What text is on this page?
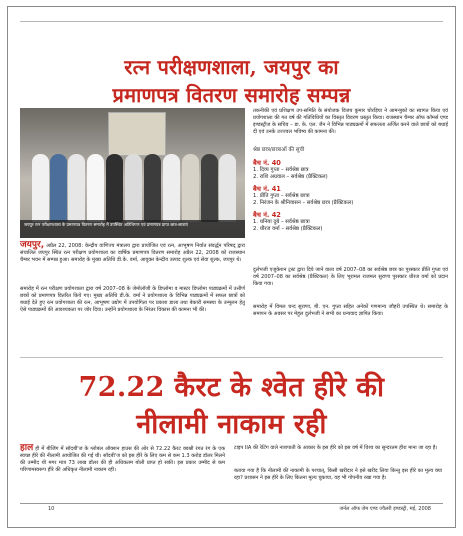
रत्न परीक्षणशाला, जयपुर का
प्रमाणपत्र वितरण समारोह सम्पन्न
जयपुर रत्न परीक्षणशाला के प्रमाणपत्र वितरण समारोह में उपस्थित अतिथिगण एवं प्रमाणपत्र प्राप्त छात्र-छात्राएं
जयपुर, अप्रैल 22, 2008: केन्द्रीय वाणिज्य मंत्रालय द्वारा प्रायोजित एवं रत्न, आभूषण निर्यात संवर्द्धन परिषद् द्वारा संचालित जयपुर स्थित रत्न परीक्षण प्रयोगशाला का वार्षिक प्रमाणपत्र वितरण समारोह अप्रैल 22, 2008 को राजस्थान चैम्बर भवन में सम्पन्न हुआ। समारोह के मुख्य अतिथि डी.के. वर्मा, आयुक्त केन्द्रीय उत्पाद शुल्क एवं सेवा शुल्क, जयपुर थे।
समारोह में रत्न परीक्षण प्रयोगशाला द्वारा वर्ष 2007–08 के जेमोलॉजी के डिप्लोमा व मास्टर डिप्लोमा पाठ्यक्रमों में उत्तीर्ण छात्रों को प्रमाणपत्र वितरित किये गए। मुख्य अतिथि डी.के. वर्मा ने प्रयोगशाला के विभिन्न पाठ्यक्रमों में सफल छात्रों को बधाई देते हुए रत्न प्रयोगशाला की रत्न, आभूषण उद्योग में उपयोगिता पर प्रकाश डाला तथा बेकारी समस्या के उन्मूलन हेतु ऐसे पाठ्यक्रमों की आवश्यकता पर जोर दिया। उन्होंने प्रयोगशाला के निरंतर विकास की कामना भी की।
तकनीकी एवं प्रशिक्षण उप-समिति के संयोजक विजय कुमार चोरड़िया ने आमन्त्रुको का स्वागत किया एवं प्रयोगशाला की गत वर्ष की गतिविधियों का विस्तृत विवरण प्रस्तुत किया। राजस्थान चैम्बर ऑफ कॉमर्स एण्ड इण्डस्ट्रीज के सचिव – डा. के. एल. जैन ने विभिन्न पाठ्यक्रमों में सफलता अर्जित करने वाले छात्रों को बधाई दी एवं उनके उज्ज्वल भविष्य की कामना की।
श्रेष्ठ छात्र/छात्राओं की सूची
बैच नं. 40
1. दिव्य गुप्ता – सर्वश्रेष्ठ छात्र
2. राशि अग्रवाल – सर्वश्रेष्ठ (प्रैक्टिकल)
बैच नं. 41
1. प्रीति गुप्ता – सर्वश्रेष्ठ छात्रा
2. निरंजन के श्रीनिवासन – सर्वश्रेष्ठ छात्र (प्रैक्टिकल)
बैच नं. 42
1. धनिया दुबे – सर्वश्रेष्ठ छात्रा
2. धीरज वर्मा – सर्वश्रेष्ठ (प्रैक्टिकल)
दुर्लभजी एजुकेशन ट्रस्ट द्वारा दिये जाने वाला वर्ष 2007–08 का सर्वश्रेष्ठ छात्र का पुरस्कार प्रीति गुप्ता एवं वर्ष 2007–08 का सर्वश्रेष्ठ (प्रैक्टिकल) के लिए भूरामल राजमल सुराणा पुरस्कार धीरज वर्मा को प्रदान किया गया।
समारोह में विमल चन्द सुराणा, बी. एन. गुप्ता सहित अनेकों गणमान्य जौहरी उपस्थित थे। समारोह के समापन के अवसर पर मेहुल दुर्लभजी ने सभी का धन्यवाद ज्ञापित किया।
72.22 कैरट के श्वेत हीरे की
नीलामी नाकाम रही
हाल ही में बीजिंग में सॉदबी'ज के ग्लोबल ऑक्शन हाउस की ओर से 72.22 कैरट क्वश्नी रंगत रंग के एक स्वच्छ हीरे की नीलामी आयोजित की गई थी। सॉदबी'ज को इस हीरे के लिए कम से कम 1.3 करोड़ डॉलर मिलने की उम्मीद थी मगर मात्र 73 लाख डॉलर की ही अधिकतम बोली प्राप्त हो सकी। इस प्रकार उम्मीद से कम परिणामस्वरूप हीरे की अधिकृत नीलामी नाकाम रही।
टाइप IIA की रेटिंग वाले नाशपाती के आकार के इस हीरे को इस वर्ष में विश्व का सुन्दरतम हीरा माना जा रहा है।
बताया गया है कि नीलामी की नाकामी के पश्चात्, किसी खरीदार ने इसे खरीद लिया किन्तु इस हीरे का मूल्य क्या रहा? प्रशासन ने इस हीरे के लिए कितना मूल्य चुकाया, यह भी गोपनीय रखा गया है।
10	जर्नल ऑफ जेम एण्ड ज्वैलरी इण्डस्ट्री, मई, 2008
